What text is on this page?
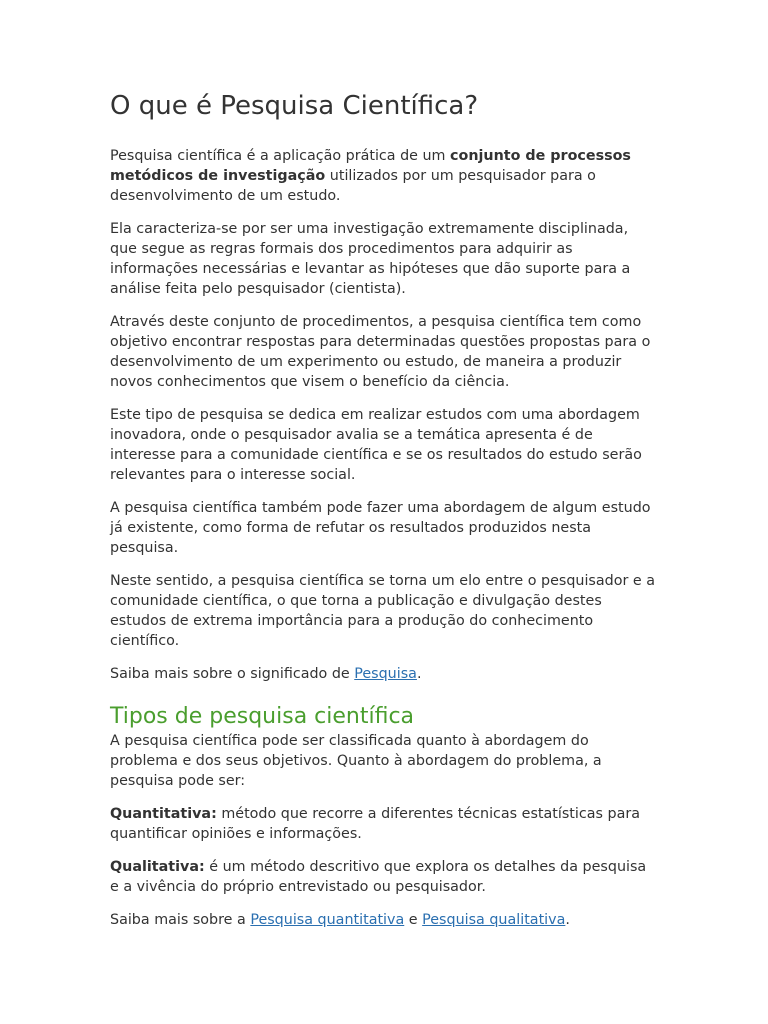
O que é Pesquisa Científica?

Pesquisa científica é a aplicação prática de um conjunto de processos metódicos de investigação utilizados por um pesquisador para o desenvolvimento de um estudo.

Ela caracteriza-se por ser uma investigação extremamente disciplinada, que segue as regras formais dos procedimentos para adquirir as informações necessárias e levantar as hipóteses que dão suporte para a análise feita pelo pesquisador (cientista).

Através deste conjunto de procedimentos, a pesquisa científica tem como objetivo encontrar respostas para determinadas questões propostas para o desenvolvimento de um experimento ou estudo, de maneira a produzir novos conhecimentos que visem o benefício da ciência.

Este tipo de pesquisa se dedica em realizar estudos com uma abordagem inovadora, onde o pesquisador avalia se a temática apresenta é de interesse para a comunidade científica e se os resultados do estudo serão relevantes para o interesse social.

A pesquisa científica também pode fazer uma abordagem de algum estudo já existente, como forma de refutar os resultados produzidos nesta pesquisa.

Neste sentido, a pesquisa científica se torna um elo entre o pesquisador e a comunidade científica, o que torna a publicação e divulgação destes estudos de extrema importância para a produção do conhecimento científico.

Saiba mais sobre o significado de Pesquisa.

Tipos de pesquisa científica

A pesquisa científica pode ser classificada quanto à abordagem do problema e dos seus objetivos. Quanto à abordagem do problema, a pesquisa pode ser:

Quantitativa: método que recorre a diferentes técnicas estatísticas para quantificar opiniões e informações.

Qualitativa: é um método descritivo que explora os detalhes da pesquisa e a vivência do próprio entrevistado ou pesquisador.

Saiba mais sobre a Pesquisa quantitativa e Pesquisa qualitativa.
